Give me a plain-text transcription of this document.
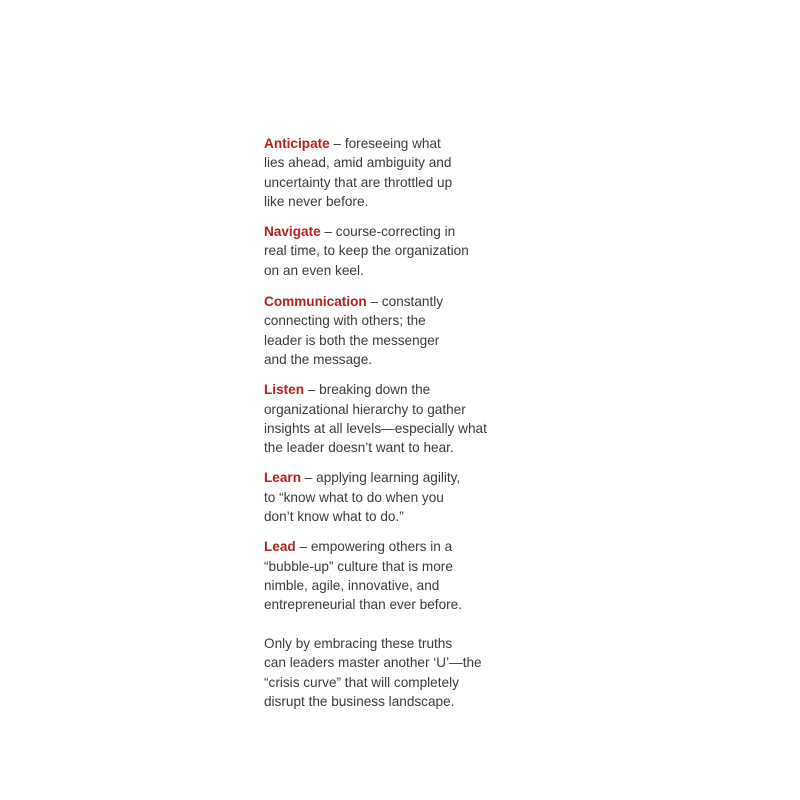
Anticipate – foreseeing what
lies ahead, amid ambiguity and
uncertainty that are throttled up
like never before.

Navigate – course-correcting in
real time, to keep the organization
on an even keel.

Communication – constantly
connecting with others; the
leader is both the messenger
and the message.

Listen – breaking down the
organizational hierarchy to gather
insights at all levels—especially what
the leader doesn’t want to hear.

Learn – applying learning agility,
to “know what to do when you
don’t know what to do.”

Lead – empowering others in a
“bubble-up” culture that is more
nimble, agile, innovative, and
entrepreneurial than ever before.

Only by embracing these truths
can leaders master another ‘U’—the
“crisis curve” that will completely
disrupt the business landscape.
